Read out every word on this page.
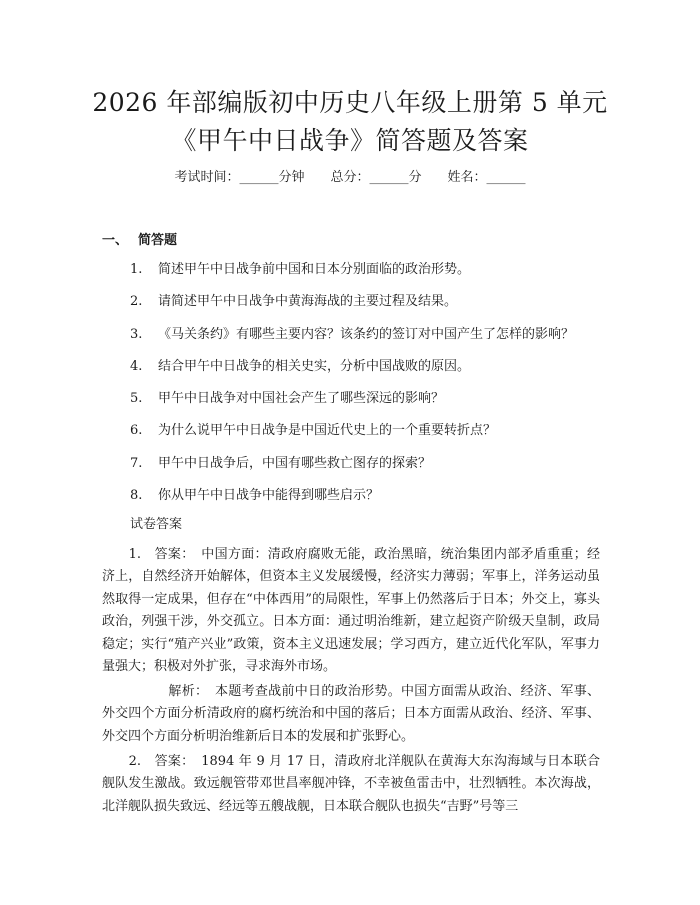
2026 年部编版初中历史八年级上册第 5 单元
《甲午中日战争》简答题及答案
考试时间：______分钟 总分：______分 姓名：______
一、 简答题
1.	简述甲午中日战争前中国和日本分别面临的政治形势。
2.	请简述甲午中日战争中黄海海战的主要过程及结果。
3.	《马关条约》有哪些主要内容？该条约的签订对中国产生了怎样的影响？
4.	结合甲午中日战争的相关史实，分析中国战败的原因。
5.	甲午中日战争对中国社会产生了哪些深远的影响？
6.	为什么说甲午中日战争是中国近代史上的一个重要转折点？
7.	甲午中日战争后，中国有哪些救亡图存的探索？
8.	你从甲午中日战争中能得到哪些启示？
试卷答案

　　1.　答案：　中国方面：清政府腐败无能，政治黑暗，统治集团内部矛盾重重；经济上，自然经济开始解体，但资本主义发展缓慢，经济实力薄弱；军事上，洋务运动虽然取得一定成果，但存在“中体西用”的局限性，军事上仍然落后于日本；外交上，寡头政治，列强干涉，外交孤立。日本方面：通过明治维新，建立起资产阶级天皇制，政局稳定；实行“殖产兴业”政策，资本主义迅速发展；学习西方，建立近代化军队，军事力量强大；积极对外扩张，寻求海外市场。

　　　　　解析：　本题考查战前中日的政治形势。中国方面需从政治、经济、军事、外交四个方面分析清政府的腐朽统治和中国的落后；日本方面需从政治、经济、军事、外交四个方面分析明治维新后日本的发展和扩张野心。

　　2.　答案：　1894 年 9 月 17 日，清政府北洋舰队在黄海大东沟海域与日本联合舰队发生激战。致远舰管带邓世昌率舰冲锋，不幸被鱼雷击中，壮烈牺牲。本次海战，北洋舰队损失致远、经远等五艘战舰，日本联合舰队也损失“吉野”号等三
